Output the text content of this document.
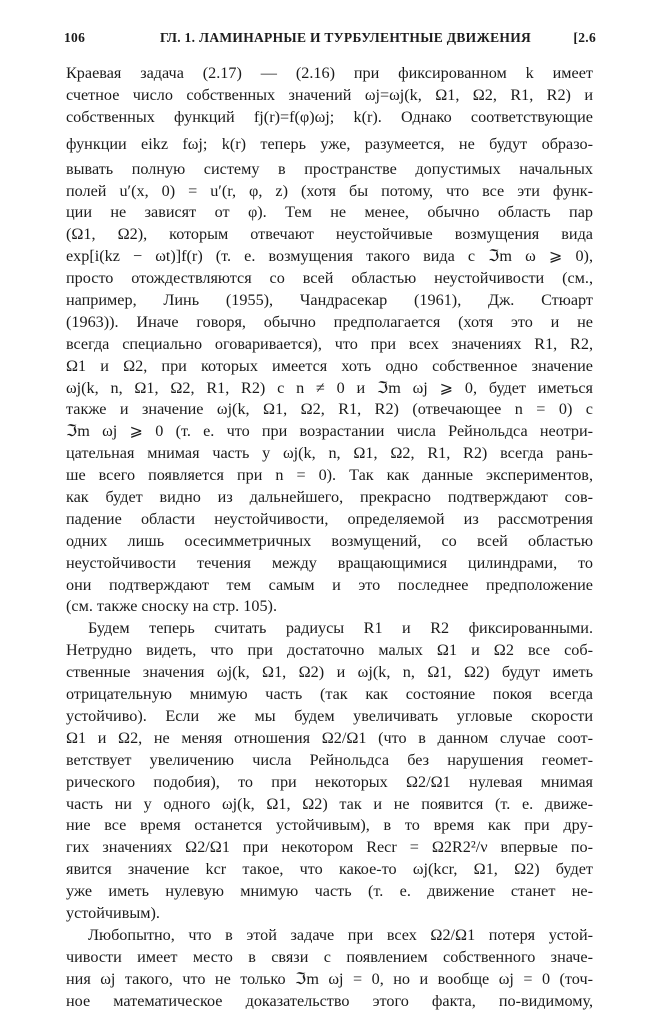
106	ГЛ. 1. ЛАМИНАРНЫЕ И ТУРБУЛЕНТНЫЕ ДВИЖЕНИЯ	[2.6
Краевая задача (2.17) — (2.16) при фиксированном k имеет
счетное число собственных значений ωj=ωj(k, Ω1, Ω2, R1, R2) и
собственных функций fj(r)=f(φ)ωj; k(r). Однако соответствующие
функции eikz fωj; k(r) теперь уже, разумеется, не будут образо-
вывать полную систему в пространстве допустимых начальных
полей u′(x, 0) = u′(r, φ, z) (хотя бы потому, что все эти функ-
ции не зависят от φ). Тем не менее, обычно область пар
(Ω1, Ω2), которым отвечают неустойчивые возмущения вида
exp[i(kz − ωt)]f(r) (т. е. возмущения такого вида с ℑm ω ⩾ 0),
просто отождествляются со всей областью неустойчивости (см.,
например, Линь (1955), Чандрасекар (1961), Дж. Стюарт
(1963)). Иначе говоря, обычно предполагается (хотя это и не
всегда специально оговаривается), что при всех значениях R1, R2,
Ω1 и Ω2, при которых имеется хоть одно собственное значение
ωj(k, n, Ω1, Ω2, R1, R2) с n ≠ 0 и ℑm ωj ⩾ 0, будет иметься
также и значение ωj(k, Ω1, Ω2, R1, R2) (отвечающее n = 0) с
ℑm ωj ⩾ 0 (т. е. что при возрастании числа Рейнольдса неотри-
цательная мнимая часть у ωj(k, n, Ω1, Ω2, R1, R2) всегда рань-
ше всего появляется при n = 0). Так как данные экспериментов,
как будет видно из дальнейшего, прекрасно подтверждают сов-
падение области неустойчивости, определяемой из рассмотрения
одних лишь осесимметричных возмущений, со всей областью
неустойчивости течения между вращающимися цилиндрами, то
они подтверждают тем самым и это последнее предположение
(см. также сноску на стр. 105).
Будем теперь считать радиусы R1 и R2 фиксированными.
Нетрудно видеть, что при достаточно малых Ω1 и Ω2 все соб-
ственные значения ωj(k, Ω1, Ω2) и ωj(k, n, Ω1, Ω2) будут иметь
отрицательную мнимую часть (так как состояние покоя всегда
устойчиво). Если же мы будем увеличивать угловые скорости
Ω1 и Ω2, не меняя отношения Ω2/Ω1 (что в данном случае соот-
ветствует увеличению числа Рейнольдса без нарушения геомет-
рического подобия), то при некоторых Ω2/Ω1 нулевая мнимая
часть ни у одного ωj(k, Ω1, Ω2) так и не появится (т. е. движе-
ние все время останется устойчивым), в то время как при дру-
гих значениях Ω2/Ω1 при некотором Recr = Ω2R2²/ν впервые по-
явится значение kcr такое, что какое-то ωj(kcr, Ω1, Ω2) будет
уже иметь нулевую мнимую часть (т. е. движение станет не-
устойчивым).
Любопытно, что в этой задаче при всех Ω2/Ω1 потеря устой-
чивости имеет место в связи с появлением собственного значе-
ния ωj такого, что не только ℑm ωj = 0, но и вообще ωj = 0 (точ-
ное математическое доказательство этого факта, по-видимому,
